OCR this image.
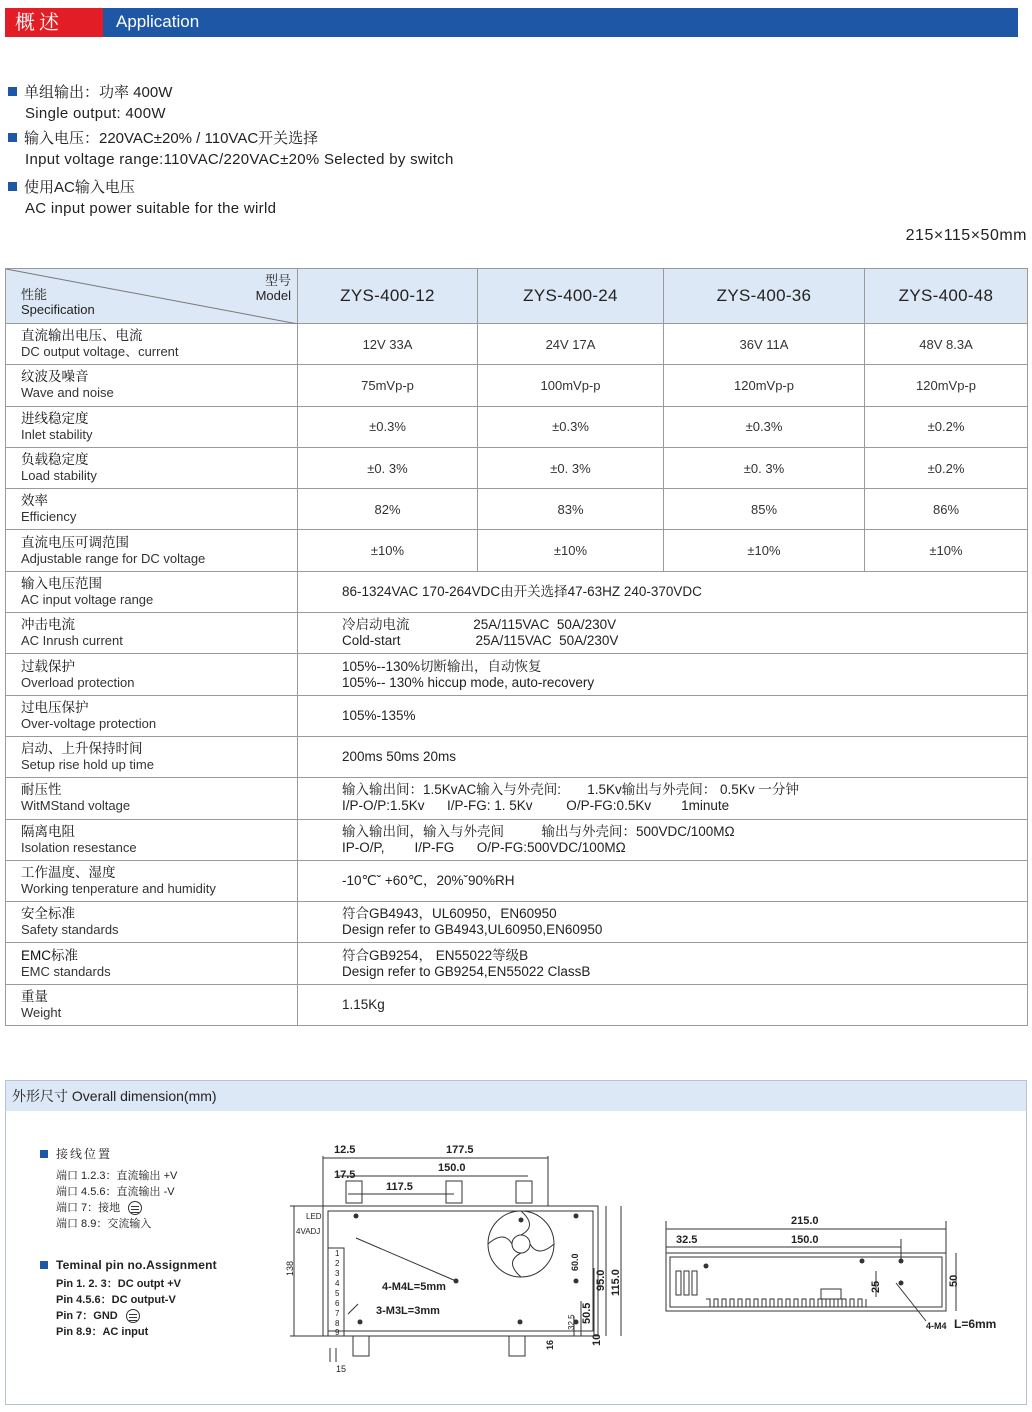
概述	Application
单组输出：功率 400W
Single output: 400W
输入电压：220VAC±20% / 110VAC开关选择
Input voltage range:110VAC/220VAC±20% Selected by switch
使用AC输入电压
AC input power suitable for the wirld
215×115×50mm
型号
Model
性能
Specification	ZYS-400-12	ZYS-400-24	ZYS-400-36	ZYS-400-48

直流输出电压、电流
DC output voltage、current	12V 33A	24V 17A	36V 11A	48V 8.3A

纹波及噪音
Wave and noise	75mVp-p	100mVp-p	120mVp-p	120mVp-p

进线稳定度
Inlet stability	±0.3%	±0.3%	±0.3%	±0.2%

负载稳定度
Load stability	±0. 3%	±0. 3%	±0. 3%	±0.2%

效率
Efficiency	82%	83%	85%	86%

直流电压可调范围
Adjustable range for DC voltage	±10%	±10%	±10%	±10%

输入电压范围
AC input voltage range	86-1324VAC 170-264VDC由开关选择47-63HZ 240-370VDC			

冲击电流
AC Inrush current	冷启动电流                 25A/115VAC  50A/230V
Cold-start                    25A/115VAC  50A/230V			

过载保护
Overload protection	105%--130%切断输出，自动恢复
105%-- 130% hiccup mode, auto-recovery			

过电压保护
Over-voltage protection	105%-135%			

启动、上升保持时间
Setup rise hold up time	200ms 50ms 20ms			

耐压性
WitMStand voltage	输入输出间：1.5KvAC输入与外壳间:       1.5Kv输出与外壳间： 0.5Kv 一分钟
I/P-O/P:1.5Kv      I/P-FG: 1. 5Kv         O/P-FG:0.5Kv        1minute			

隔离电阻
Isolation resestance	输入输出间，输入与外壳间          输出与外壳间：500VDC/100MΩ
IP-O/P,        I/P-FG      O/P-FG:500VDC/100MΩ			

工作温度、湿度
Working tenperature and humidity	-10℃ˇ +60℃，20%ˇ90%RH			

安全标准
Safety standards	符合GB4943，UL60950，EN60950
Design refer to GB4943,UL60950,EN60950			

EMC标准
EMC standards	符合GB9254， EN55022等级B
Design refer to GB9254,EN55022 ClassB			

重量
Weight	1.15Kg			
外形尺寸 Overall dimension(mm)
接线位置
端口 1.2.3：直流输出 +V
端口 4.5.6：直流输出 -V
端口 7：接地
端口 8.9：交流输入
Teminal pin no.Assignment
Pin 1. 2. 3：DC outpt +V
Pin 4.5.6：DC output-V
Pin 7：GND
Pin 8.9：AC input
12.5	177.5
150.0
17.5
117.5
LED
4VADJ
138
4-M4L=5mm
3-M3L=3mm
60.0
95.0 115.0
50.5
32.5
10
15
16
1
2
3
4
5
6
7
8
9
215.0
150.0
32.5
25	50
4-M4 L=6mm
